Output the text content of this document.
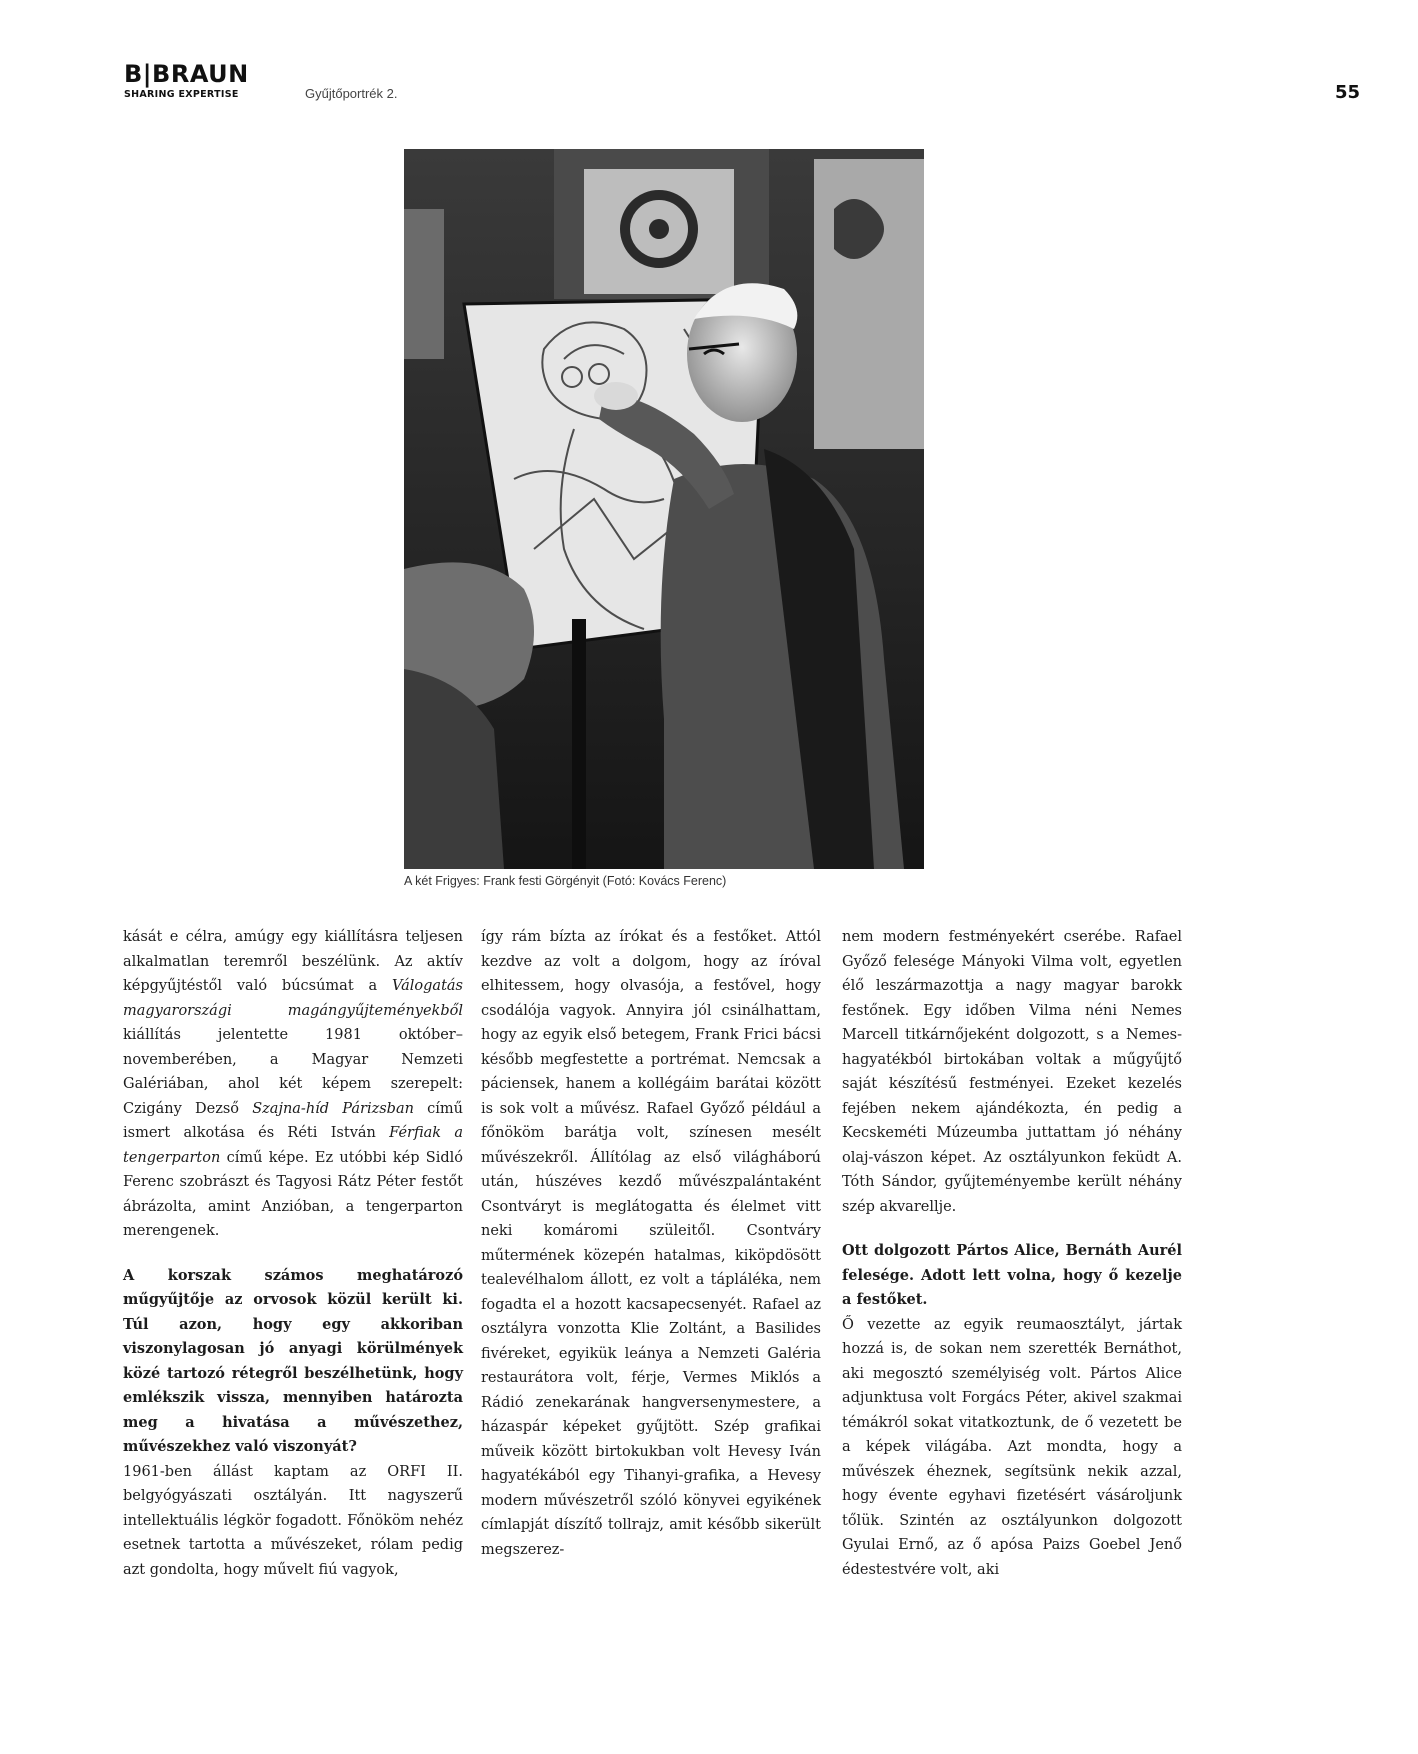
B|BRAUN
SHARING EXPERTISE	Gyűjtőportrék 2.	55
A két Frigyes: Frank festi Görgényit (Fotó: Kovács Ferenc)

kását e célra, amúgy egy kiállításra teljesen alkalmatlan teremről beszélünk. Az aktív képgyűjtéstől való búcsúmat a Válogatás magyarországi magángyűjteményekből kiállítás jelentette 1981 október–novemberében, a Magyar Nemzeti Galériában, ahol két képem szerepelt: Czigány Dezső Szajna-híd Párizsban című ismert alkotása és Réti István Férfiak a tengerparton című képe. Ez utóbbi kép Sidló Ferenc szobrászt és Tagyosi Rátz Péter festőt ábrázolta, amint Anzióban, a tengerparton merengenek.

A korszak számos meghatározó műgyűjtője az orvosok közül került ki. Túl azon, hogy egy akkoriban viszonylagosan jó anyagi körülmények közé tartozó rétegről beszélhetünk, hogy emlékszik vissza, mennyiben határozta meg a hivatása a művészethez, művészekhez való viszonyát?

1961-ben állást kaptam az ORFI II. belgyógyászati osztályán. Itt nagyszerű intellektuális légkör fogadott. Főnököm nehéz esetnek tartotta a művészeket, rólam pedig azt gondolta, hogy művelt fiú vagyok,

így rám bízta az írókat és a festőket. Attól kezdve az volt a dolgom, hogy az íróval elhitessem, hogy olvasója, a festővel, hogy csodálója vagyok. Annyira jól csinálhattam, hogy az egyik első betegem, Frank Frici bácsi később megfestette a portrémat. Nemcsak a páciensek, hanem a kollégáim barátai között is sok volt a művész. Rafael Győző például a főnököm barátja volt, színesen mesélt művészekről. Állítólag az első világháború után, húszéves kezdő művészpalántaként Csontváryt is meglátogatta és élelmet vitt neki komáromi szüleitől. Csontváry műtermének közepén hatalmas, kiköpdösött tealevélhalom állott, ez volt a tápláléka, nem fogadta el a hozott kacsapecsenyét. Rafael az osztályra vonzotta Klie Zoltánt, a Basilides fivéreket, egyikük leánya a Nemzeti Galéria restaurátora volt, férje, Vermes Miklós a Rádió zenekarának hangversenymestere, a házaspár képeket gyűjtött. Szép grafikai műveik között birtokukban volt Hevesy Iván hagyatékából egy Tihanyi-grafika, a Hevesy modern művészetről szóló könyvei egyikének címlapját díszítő tollrajz, amit később sikerült megszerez-

nem modern festményekért cserébe. Rafael Győző felesége Mányoki Vilma volt, egyetlen élő leszármazottja a nagy magyar barokk festőnek. Egy időben Vilma néni Nemes Marcell titkárnőjeként dolgozott, s a Nemes-hagyatékból birtokában voltak a műgyűjtő saját készítésű festményei. Ezeket kezelés fejében nekem ajándékozta, én pedig a Kecskeméti Múzeumba juttattam jó néhány olaj-vászon képet. Az osztályunkon feküdt A. Tóth Sándor, gyűjteményembe került néhány szép akvarellje.

Ott dolgozott Pártos Alice, Bernáth Aurél felesége. Adott lett volna, hogy ő kezelje a festőket.

Ő vezette az egyik reumaosztályt, jártak hozzá is, de sokan nem szerették Bernáthot, aki megosztó személyiség volt. Pártos Alice adjunktusa volt Forgács Péter, akivel szakmai témákról sokat vitatkoztunk, de ő vezetett be a képek világába. Azt mondta, hogy a művészek éheznek, segítsünk nekik azzal, hogy évente egyhavi fizetésért vásároljunk tőlük. Szintén az osztályunkon dolgozott Gyulai Ernő, az ő apósa Paizs Goebel Jenő édestestvére volt, aki
